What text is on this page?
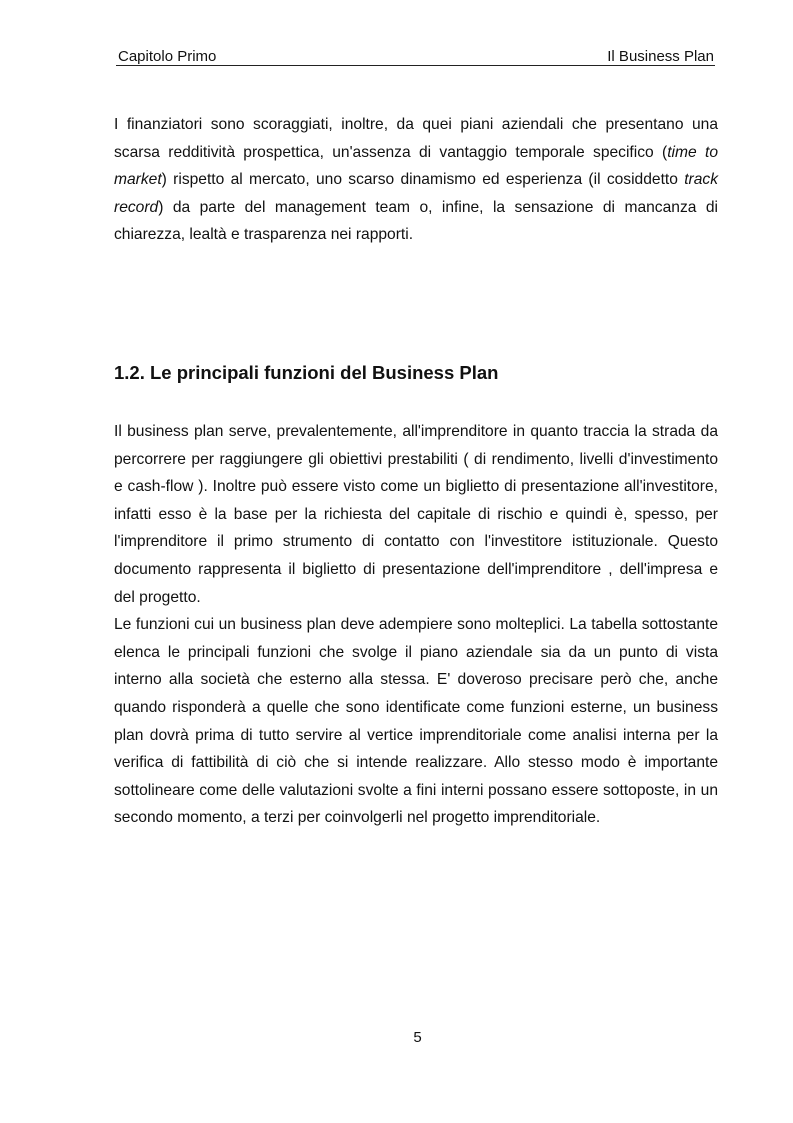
Capitolo Primo	Il Business Plan

I finanziatori sono scoraggiati, inoltre, da quei piani aziendali che presentano una scarsa redditività prospettica, un'assenza di vantaggio temporale specifico (time to market) rispetto al mercato, uno scarso dinamismo ed esperienza (il cosiddetto track record) da parte del management team o, infine, la sensazione di mancanza di chiarezza, lealtà e trasparenza nei rapporti.

1.2. Le principali funzioni del Business Plan

Il business plan serve, prevalentemente, all'imprenditore in quanto traccia la strada da percorrere per raggiungere gli obiettivi prestabiliti ( di rendimento, livelli d'investimento e cash-flow ). Inoltre può essere visto come un biglietto di presentazione all'investitore, infatti esso è la base per la richiesta del capitale di rischio e quindi è, spesso, per l'imprenditore il primo strumento di contatto con l'investitore istituzionale. Questo documento rappresenta il biglietto di presentazione dell'imprenditore , dell'impresa e del progetto.

Le funzioni cui un business plan deve adempiere sono molteplici. La tabella sottostante elenca le principali funzioni che svolge il piano aziendale sia da un punto di vista interno alla società che esterno alla stessa. E' doveroso precisare però che, anche quando risponderà a quelle che sono identificate come funzioni esterne, un business plan dovrà prima di tutto servire al vertice imprenditoriale come analisi interna per la verifica di fattibilità di ciò che si intende realizzare. Allo stesso modo è importante sottolineare come delle valutazioni svolte a fini interni possano essere sottoposte, in un secondo momento, a terzi per coinvolgerli nel progetto imprenditoriale.

5
